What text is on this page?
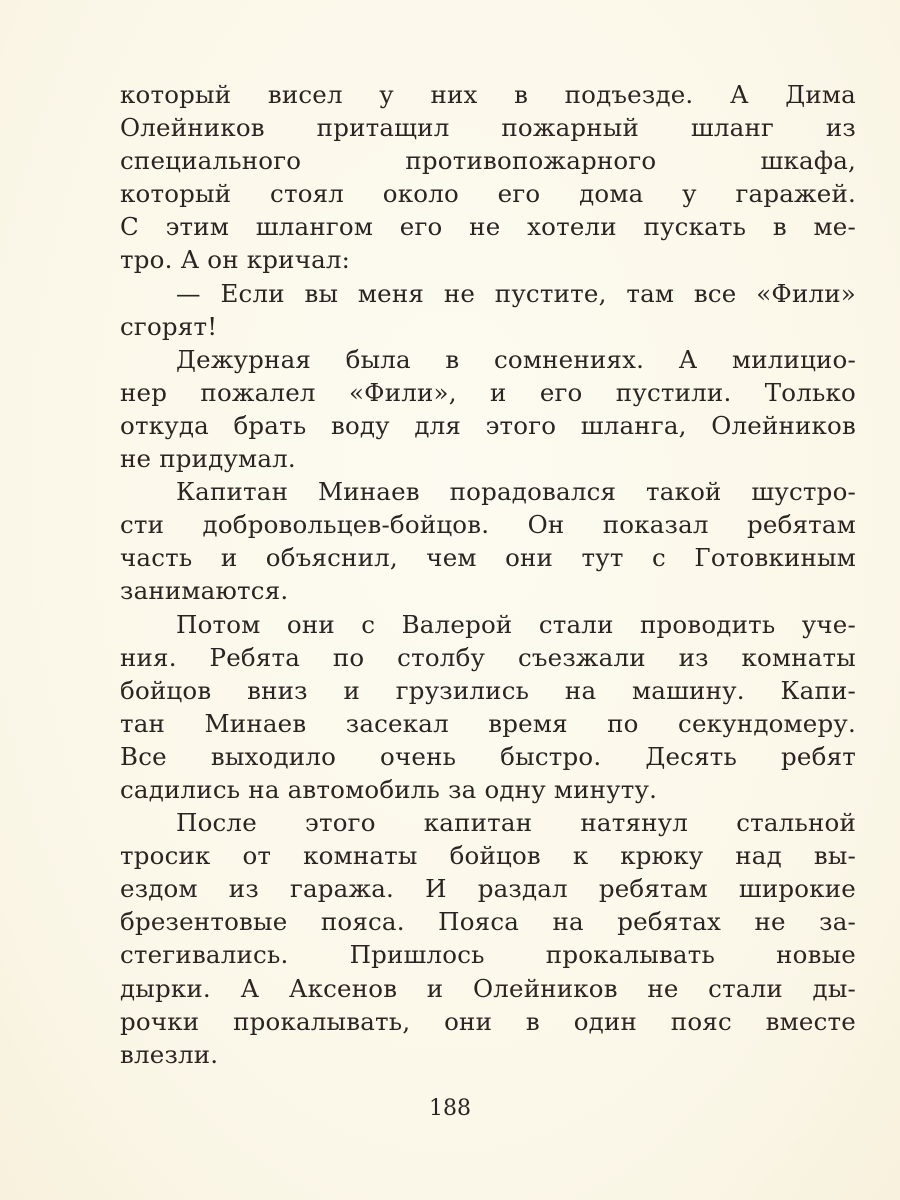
который висел у них в подъезде. А Дима
Олейников притащил пожарный шланг из
специального противопожарного шкафа,
который стоял около его дома у гаражей.
С этим шлангом его не хотели пускать в ме-
тро. А он кричал:
— Если вы меня не пустите, там все «Фили»
сгорят!
Дежурная была в сомнениях. А милицио-
нер пожалел «Фили», и его пустили. Только
откуда брать воду для этого шланга, Олейников
не придумал.
Капитан Минаев порадовался такой шустро-
сти добровольцев-бойцов. Он показал ребятам
часть и объяснил, чем они тут с Готовкиным
занимаются.
Потом они с Валерой стали проводить уче-
ния. Ребята по столбу съезжали из комнаты
бойцов вниз и грузились на машину. Капи-
тан Минаев засекал время по секундомеру.
Все выходило очень быстро. Десять ребят
садились на автомобиль за одну минуту.
После этого капитан натянул стальной
тросик от комнаты бойцов к крюку над вы-
ездом из гаража. И раздал ребятам широкие
брезентовые пояса. Пояса на ребятах не за-
стегивались. Пришлось прокалывать новые
дырки. А Аксенов и Олейников не стали ды-
рочки прокалывать, они в один пояс вместе
влезли.
188
